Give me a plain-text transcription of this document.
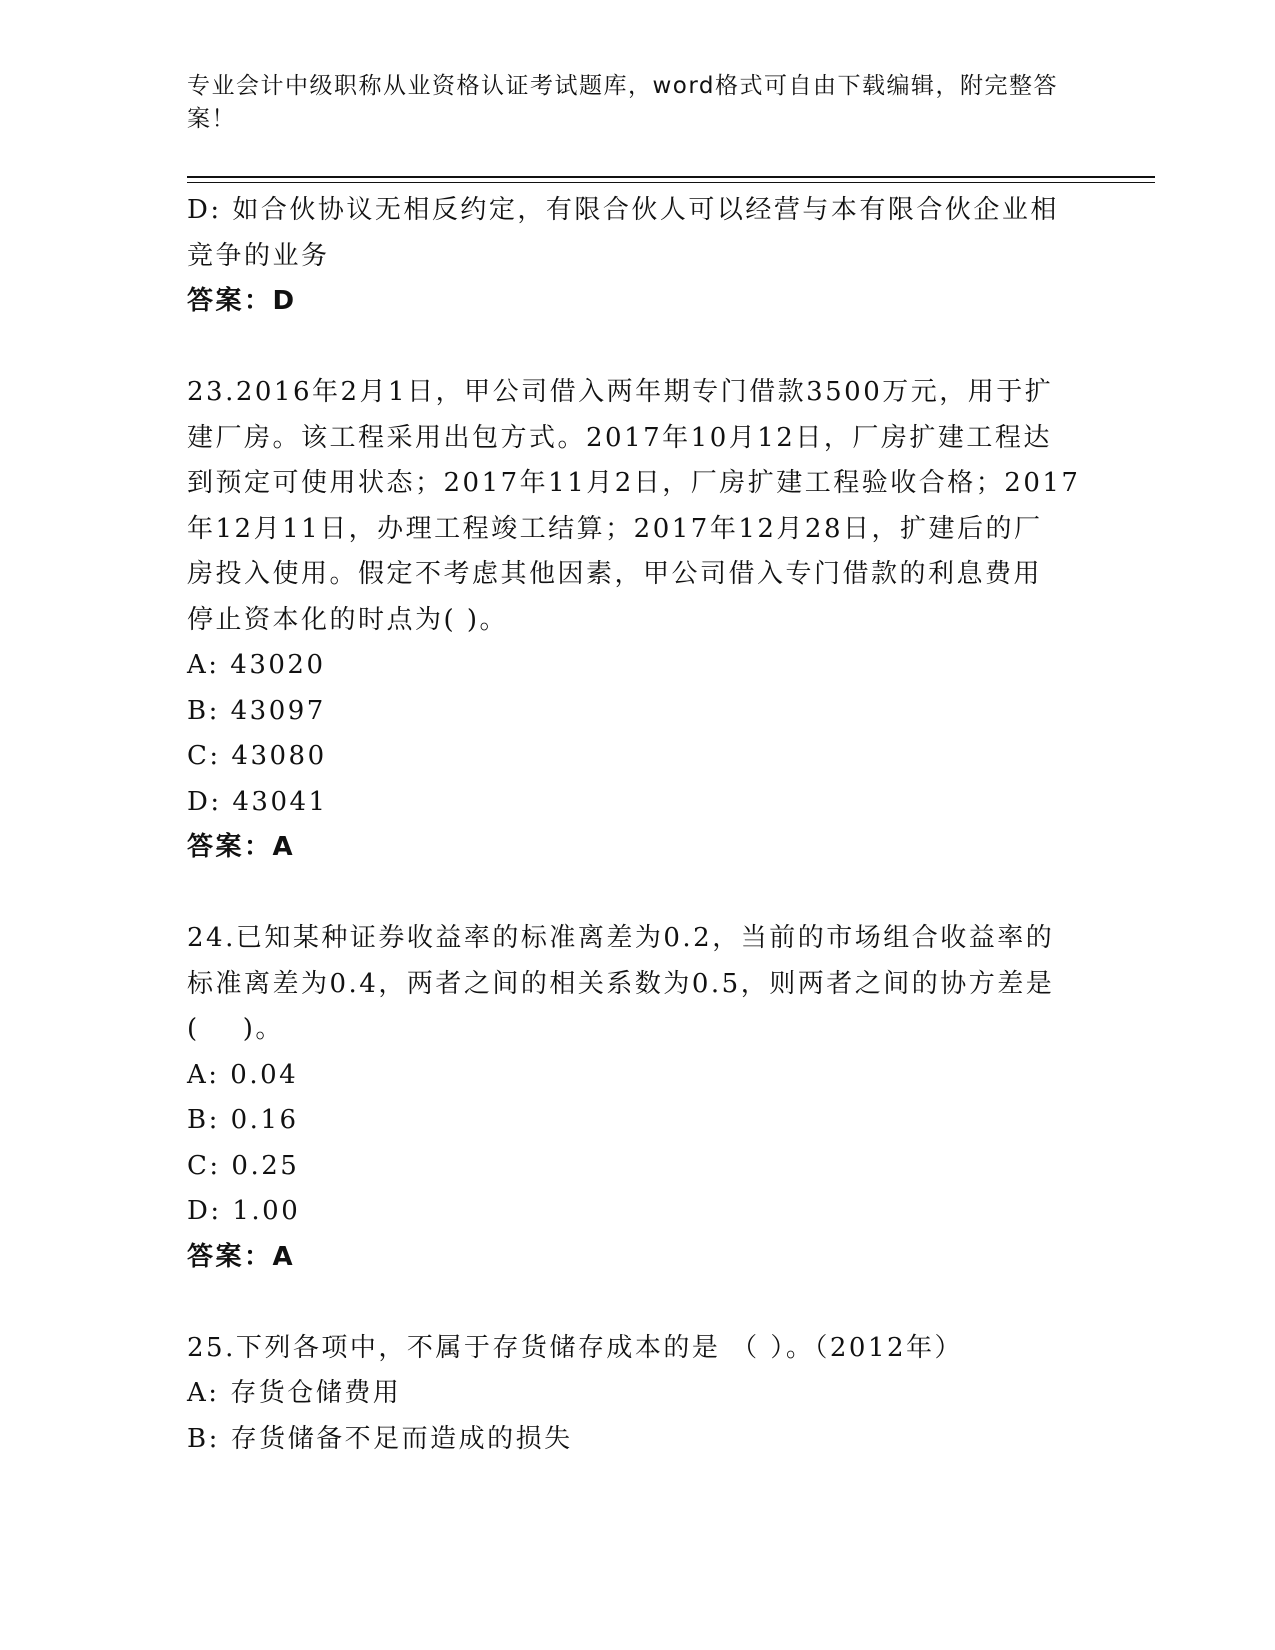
专业会计中级职称从业资格认证考试题库，word格式可自由下载编辑，附完整答案！
D: 如合伙协议无相反约定，有限合伙人可以经营与本有限合伙企业相
竞争的业务
答案：D
23.2016年2月1日，甲公司借入两年期专门借款3500万元，用于扩
建厂房。该工程采用出包方式。2017年10月12日，厂房扩建工程达
到预定可使用状态；2017年11月2日，厂房扩建工程验收合格；2017
年12月11日，办理工程竣工结算；2017年12月28日，扩建后的厂
房投入使用。假定不考虑其他因素，甲公司借入专门借款的利息费用
停止资本化的时点为( )。
A: 43020
B: 43097
C: 43080
D: 43041
答案：A
24.已知某种证券收益率的标准离差为0.2，当前的市场组合收益率的
标准离差为0.4，两者之间的相关系数为0.5，则两者之间的协方差是
(    )。
A: 0.04
B: 0.16
C: 0.25
D: 1.00
答案：A
25.下列各项中，不属于存货储存成本的是 （ ）。（2012年）
A: 存货仓储费用
B: 存货储备不足而造成的损失
